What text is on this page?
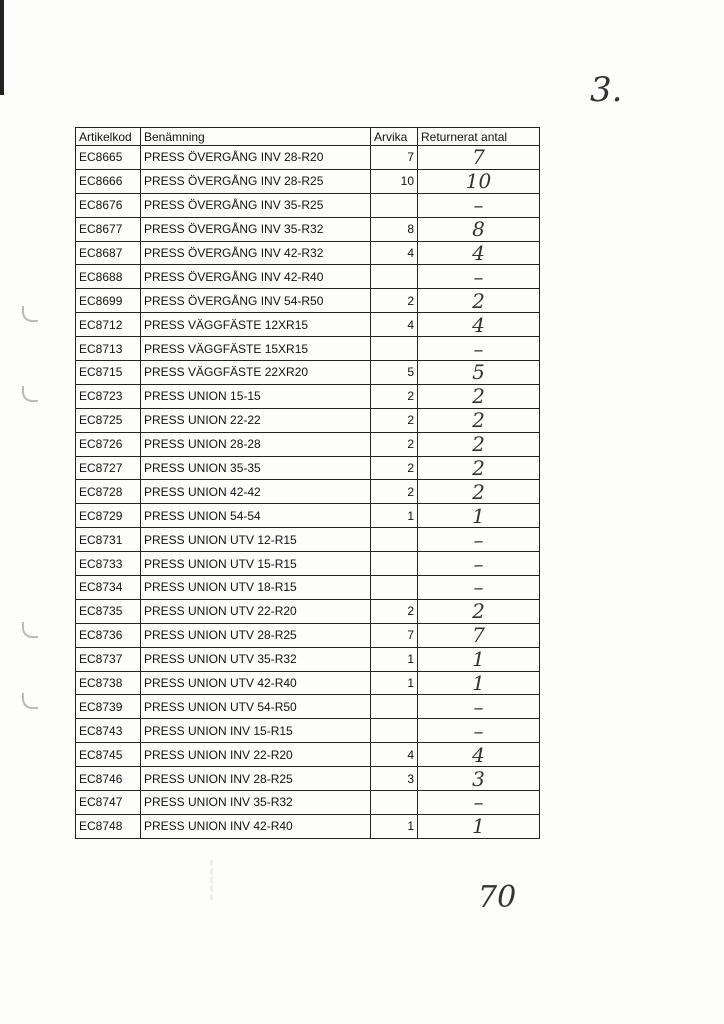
3.
Artikelkod	Benämning	Arvika	Returnerat antal
EC8665	PRESS ÖVERGÅNG INV 28-R20	7	7
EC8666	PRESS ÖVERGÅNG INV 28-R25	10	10
EC8676	PRESS ÖVERGÅNG INV 35-R25		–
EC8677	PRESS ÖVERGÅNG INV 35-R32	8	8
EC8687	PRESS ÖVERGÅNG INV 42-R32	4	4
EC8688	PRESS ÖVERGÅNG INV 42-R40		–
EC8699	PRESS ÖVERGÅNG INV 54-R50	2	2
EC8712	PRESS VÄGGFÄSTE 12XR15	4	4
EC8713	PRESS VÄGGFÄSTE 15XR15		–
EC8715	PRESS VÄGGFÄSTE 22XR20	5	5
EC8723	PRESS UNION 15-15	2	2
EC8725	PRESS UNION 22-22	2	2
EC8726	PRESS UNION 28-28	2	2
EC8727	PRESS UNION 35-35	2	2
EC8728	PRESS UNION 42-42	2	2
EC8729	PRESS UNION 54-54	1	1
EC8731	PRESS UNION UTV 12-R15		–
EC8733	PRESS UNION UTV 15-R15		–
EC8734	PRESS UNION UTV 18-R15		–
EC8735	PRESS UNION UTV 22-R20	2	2
EC8736	PRESS UNION UTV 28-R25	7	7
EC8737	PRESS UNION UTV 35-R32	1	1
EC8738	PRESS UNION UTV 42-R40	1	1
EC8739	PRESS UNION UTV 54-R50		–
EC8743	PRESS UNION INV 15-R15		–
EC8745	PRESS UNION INV 22-R20	4	4
EC8746	PRESS UNION INV 28-R25	3	3
EC8747	PRESS UNION INV 35-R32		–
EC8748	PRESS UNION INV 42-R40	1	1
70
